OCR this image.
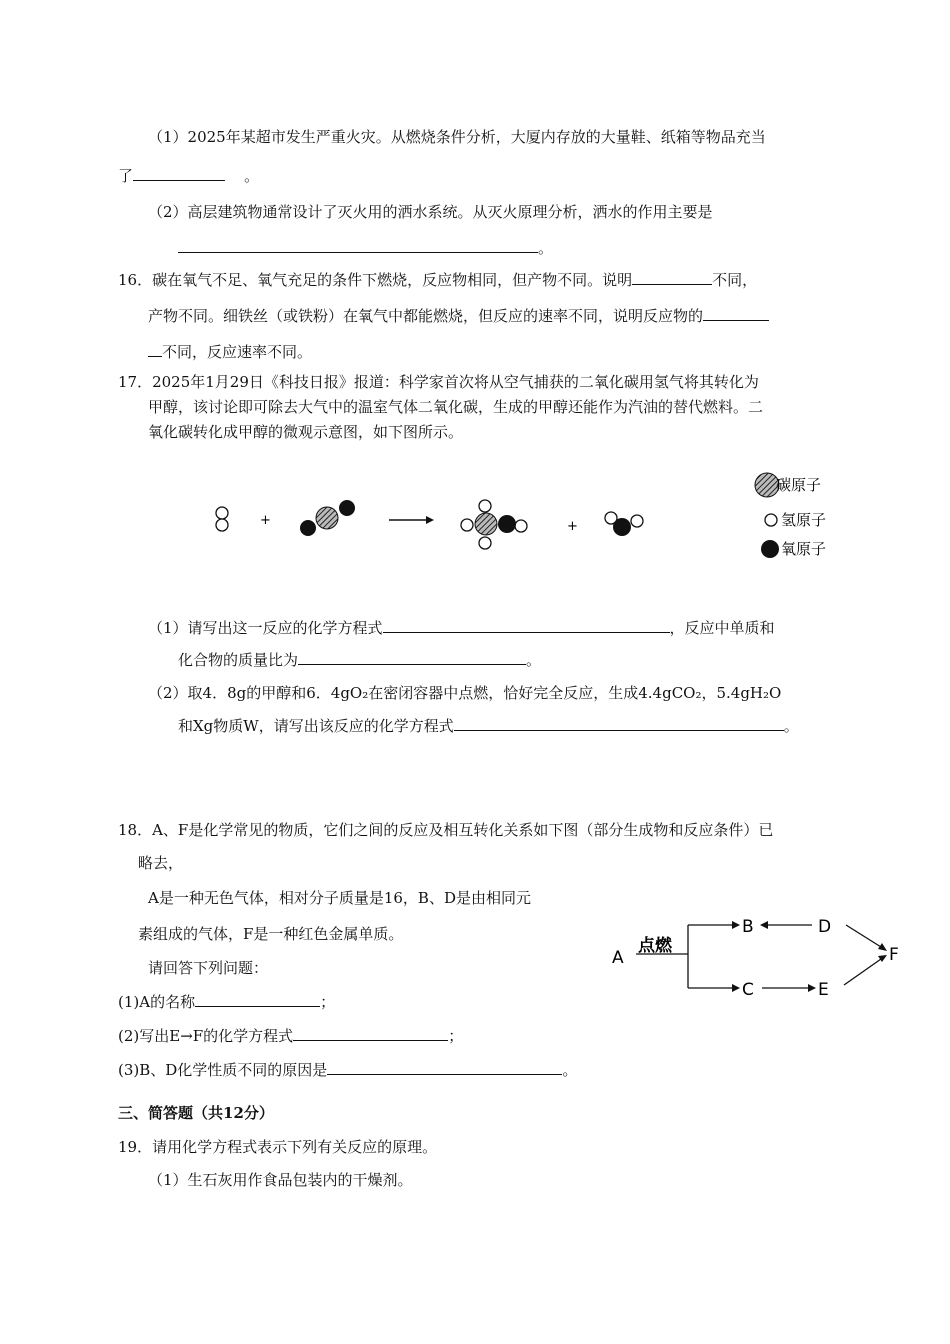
（1）2025年某超市发生严重火灾。从燃烧条件分析，大厦内存放的大量鞋、纸箱等物品充当
了	。
（2）高层建筑物通常设计了灭火用的洒水系统。从灭火原理分析，洒水的作用主要是
。
16．碳在氧气不足、氧气充足的条件下燃烧，反应物相同，但产物不同。说明	不同，
产物不同。细铁丝（或铁粉）在氧气中都能燃烧，但反应的速率不同，说明反应物的
不同，反应速率不同。
17．2025年1月29日《科技日报》报道：科学家首次将从空气捕获的二氧化碳用氢气将其转化为
甲醇，该讨论即可除去大气中的温室气体二氧化碳，生成的甲醇还能作为汽油的替代燃料。二
氧化碳转化成甲醇的微观示意图，如下图所示。
+	+
碳原子
氢原子
氧原子
（1）请写出这一反应的化学方程式	，反应中单质和
化合物的质量比为	。
（2）取4．8g的甲醇和6．4gO₂在密闭容器中点燃，恰好完全反应，生成4.4gCO₂，5.4gH₂O
和Xg物质W，请写出该反应的化学方程式	。
18．A、F是化学常见的物质，它们之间的反应及相互转化关系如下图（部分生成物和反应条件）已
略去，
A是一种无色气体，相对分子质量是16，B、D是由相同元
素组成的气体，F是一种红色金属单质。
请回答下列问题：
(1)A的名称	；
(2)写出E→F的化学方程式	；
(3)B、D化学性质不同的原因是	。
A
点燃
B
C
D
E
F
三、简答题（共12分）
19．请用化学方程式表示下列有关反应的原理。
（1）生石灰用作食品包装内的干燥剂。
